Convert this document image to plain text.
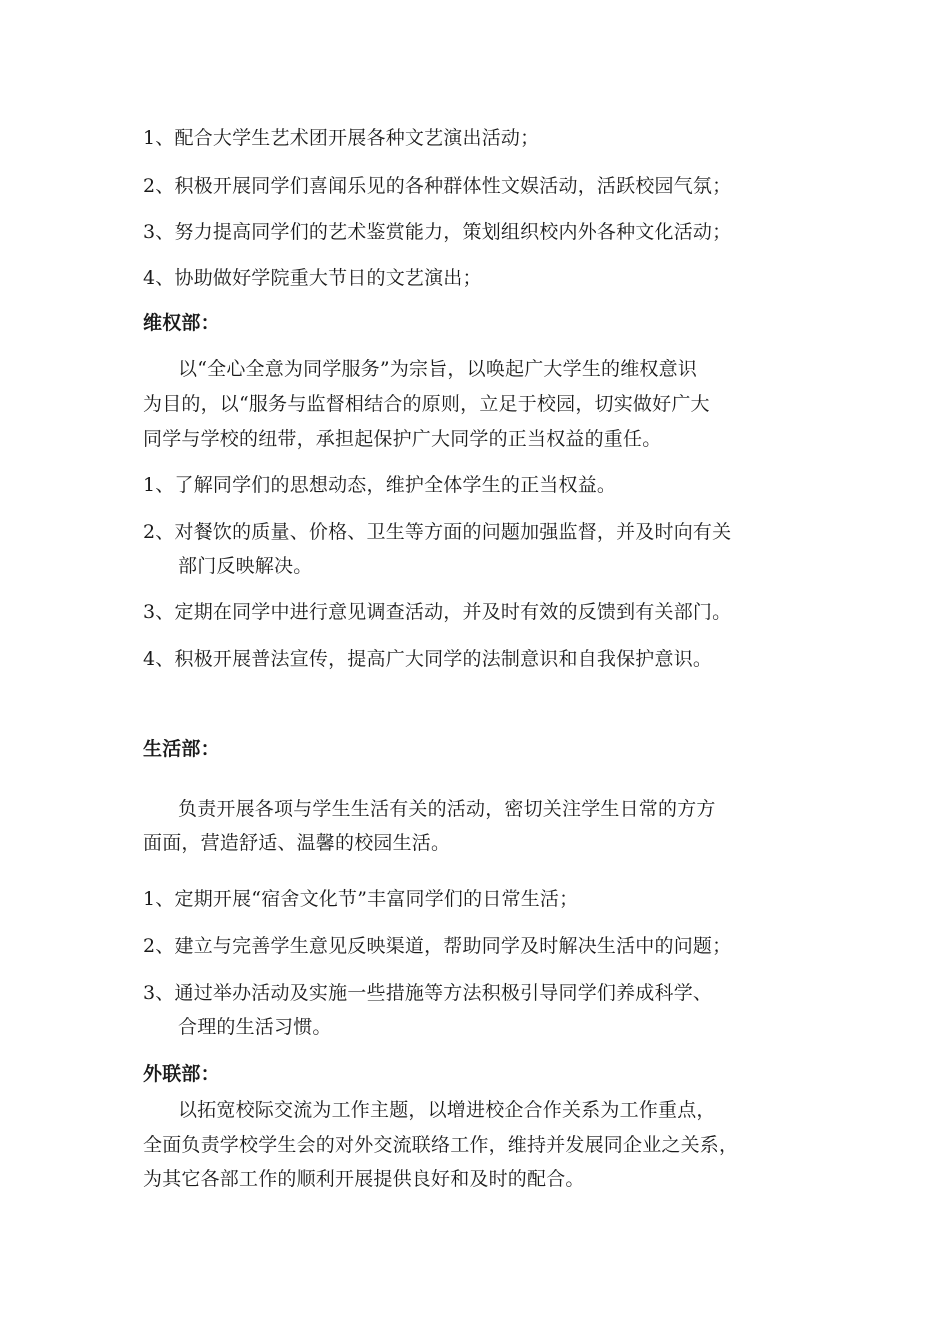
1、配合大学生艺术团开展各种文艺演出活动；
2、积极开展同学们喜闻乐见的各种群体性文娱活动，活跃校园气氛；
3、努力提高同学们的艺术鉴赏能力，策划组织校内外各种文化活动；
4、协助做好学院重大节日的文艺演出；
维权部：
以“全心全意为同学服务”为宗旨，以唤起广大学生的维权意识
为目的，以“服务与监督相结合的原则，立足于校园，切实做好广大
同学与学校的纽带，承担起保护广大同学的正当权益的重任。
1、了解同学们的思想动态，维护全体学生的正当权益。
2、对餐饮的质量、价格、卫生等方面的问题加强监督，并及时向有关
部门反映解决。
3、定期在同学中进行意见调查活动，并及时有效的反馈到有关部门。
4、积极开展普法宣传，提高广大同学的法制意识和自我保护意识。
生活部：
负责开展各项与学生生活有关的活动，密切关注学生日常的方方
面面，营造舒适、温馨的校园生活。
1、定期开展“宿舍文化节”丰富同学们的日常生活；
2、建立与完善学生意见反映渠道，帮助同学及时解决生活中的问题；
3、通过举办活动及实施一些措施等方法积极引导同学们养成科学、
合理的生活习惯。
外联部：
以拓宽校际交流为工作主题，以增进校企合作关系为工作重点，
全面负责学校学生会的对外交流联络工作，维持并发展同企业之关系，
为其它各部工作的顺利开展提供良好和及时的配合。
